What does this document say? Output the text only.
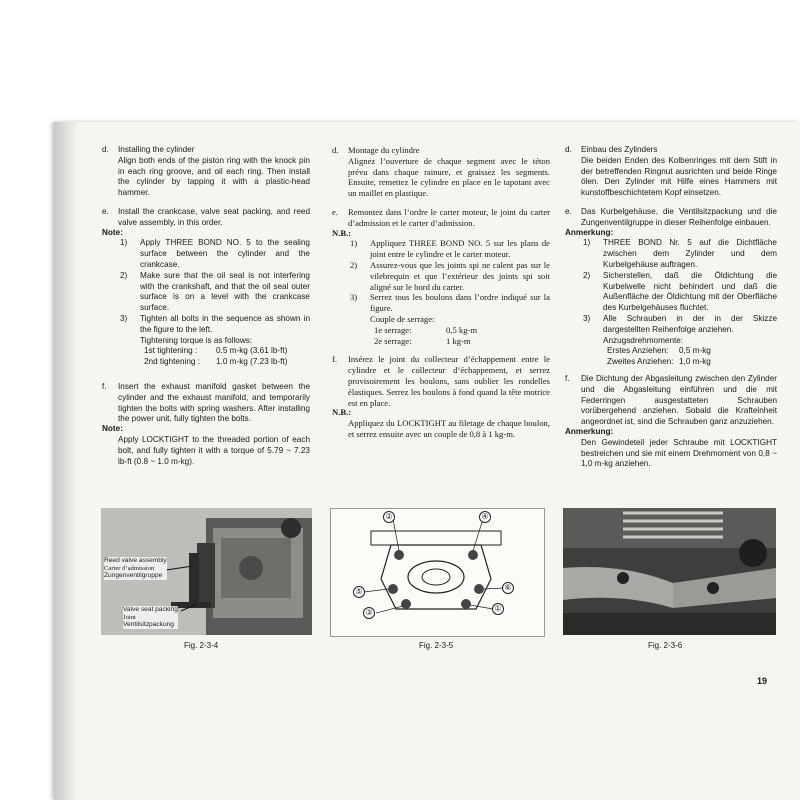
d. Installing the cylinder
Align both ends of the piston ring with the knock pin in each ring groove, and oil each ring. Then install the cylinder by tapping it with a plastic-head hammer.
e. Install the crankcase, valve seat packing, and reed valve assembly, in this order.
Note:
1) Apply THREE BOND NO. 5 to the sealing surface between the cylinder and the crankcase.
2) Make sure that the oil seal is not interfering with the crankshaft, and that the oil seal outer surface is on a level with the crankcase surface.
3) Tighten all bolts in the sequence as shown in the figure to the left.
Tightening torque is as follows:
1st tightening :	0.5 m-kg (3.61 lb-ft)
2nd tightening :	1.0 m-kg (7.23 lb-ft)
f. Insert the exhaust manifold gasket between the cylinder and the exhaust manifold, and temporarily tighten the bolts with spring washers. After installing the power unit, fully tighten the bolts.
Note:
Apply LOCKTIGHT to the threaded portion of each bolt, and fully tighten it with a torque of 5.79 ~ 7.23 lb-ft (0.8 ~ 1.0 m-kg).
d. Montage du cylindre
Alignez l’ouverture de chaque segment avec le téton prévu dans chaque rainure, et graissez les segments. Ensuite, remettez le cylindre en place en le tapotant avec un maillet en plastique.
e. Remontez dans l’ordre le carter moteur, le joint du carter d’admission et le carter d’admission.
N.B.:
1) Appliquez THREE BOND NO. 5 sur les plans de joint entre le cylindre et le carter moteur.
2) Assurez-vous que les joints spi ne calent pas sur le vilebrequin et que l’extérieur des joints spi soit aligné sur le bord du carter.
3) Serrez tous les boulons dans l’ordre indiqué sur la figure.
Couple de serrage:
1e serrage:	0,5 kg-m
2e serrage:	1 kg-m
f. Insérez le joint du collecteur d’échappement entre le cylindre et le collecteur d’échappement, et serrez provisoirement les boulons, sans oublier les rondelles élastiques. Serrez les boulons à fond quand la tête motrice est en place.
N.B.:
Appliquez du LOCKTIGHT au filetage de chaque boulon, et serrez ensuite avec un couple de 0,8 à 1 kg-m.
d. Einbau des Zylinders
Die beiden Enden des Kolbenringes mit dem Stift in der betreffenden Ringnut ausrichten und beide Ringe ölen. Den Zylinder mit Hilfe eines Hammers mit kunstoffbeschichtetem Kopf einsetzen.
e. Das Kurbelgehäuse, die Ventilsitzpackung und die Zungenventilgruppe in dieser Reihenfolge einbauen.
Anmerkung:
1) THREE BOND Nr. 5 auf die Dichtfläche zwischen dem Zylinder und dem Kurbelgehäuse auftragen.
2) Sicherstellen, daß die Öldichtung die Kurbelwelle nicht behindert und daß die Außenfläche der Öldichtung mit der Oberfläche des Kurbelgehäuses fluchtet.
3) Alle Schrauben in der in der Skizze dargestellten Reihenfolge anziehen.
Anzugsdrehmomente:
Erstes Anziehen:	0,5 m-kg
Zweites Anziehen: 1,0 m-kg
f. Die Dichtung der Abgasleitung zwischen den Zylinder und die Abgasleitung einführen und die mit Federringen ausgestatteten Schrauben vorübergehend anziehen. Sobald die Krafteinheit angeordnet ist, sind die Schrauben ganz anzuziehen.
Anmerkung:
Den Gewindeteil jeder Schraube mit LOCKTIGHT bestreichen und sie mit einem Drehmoment von 0,8 ~ 1,0 m-kg anziehen.
Reed valve assembly
Carter d’admission
Zungenventilgruppe
Valve seat packing
Joint
Ventilsitzpackung
Fig. 2-3-4
②	④
⑤	⑥
③	①
Fig. 2-3-5	Fig. 2-3-6
19
